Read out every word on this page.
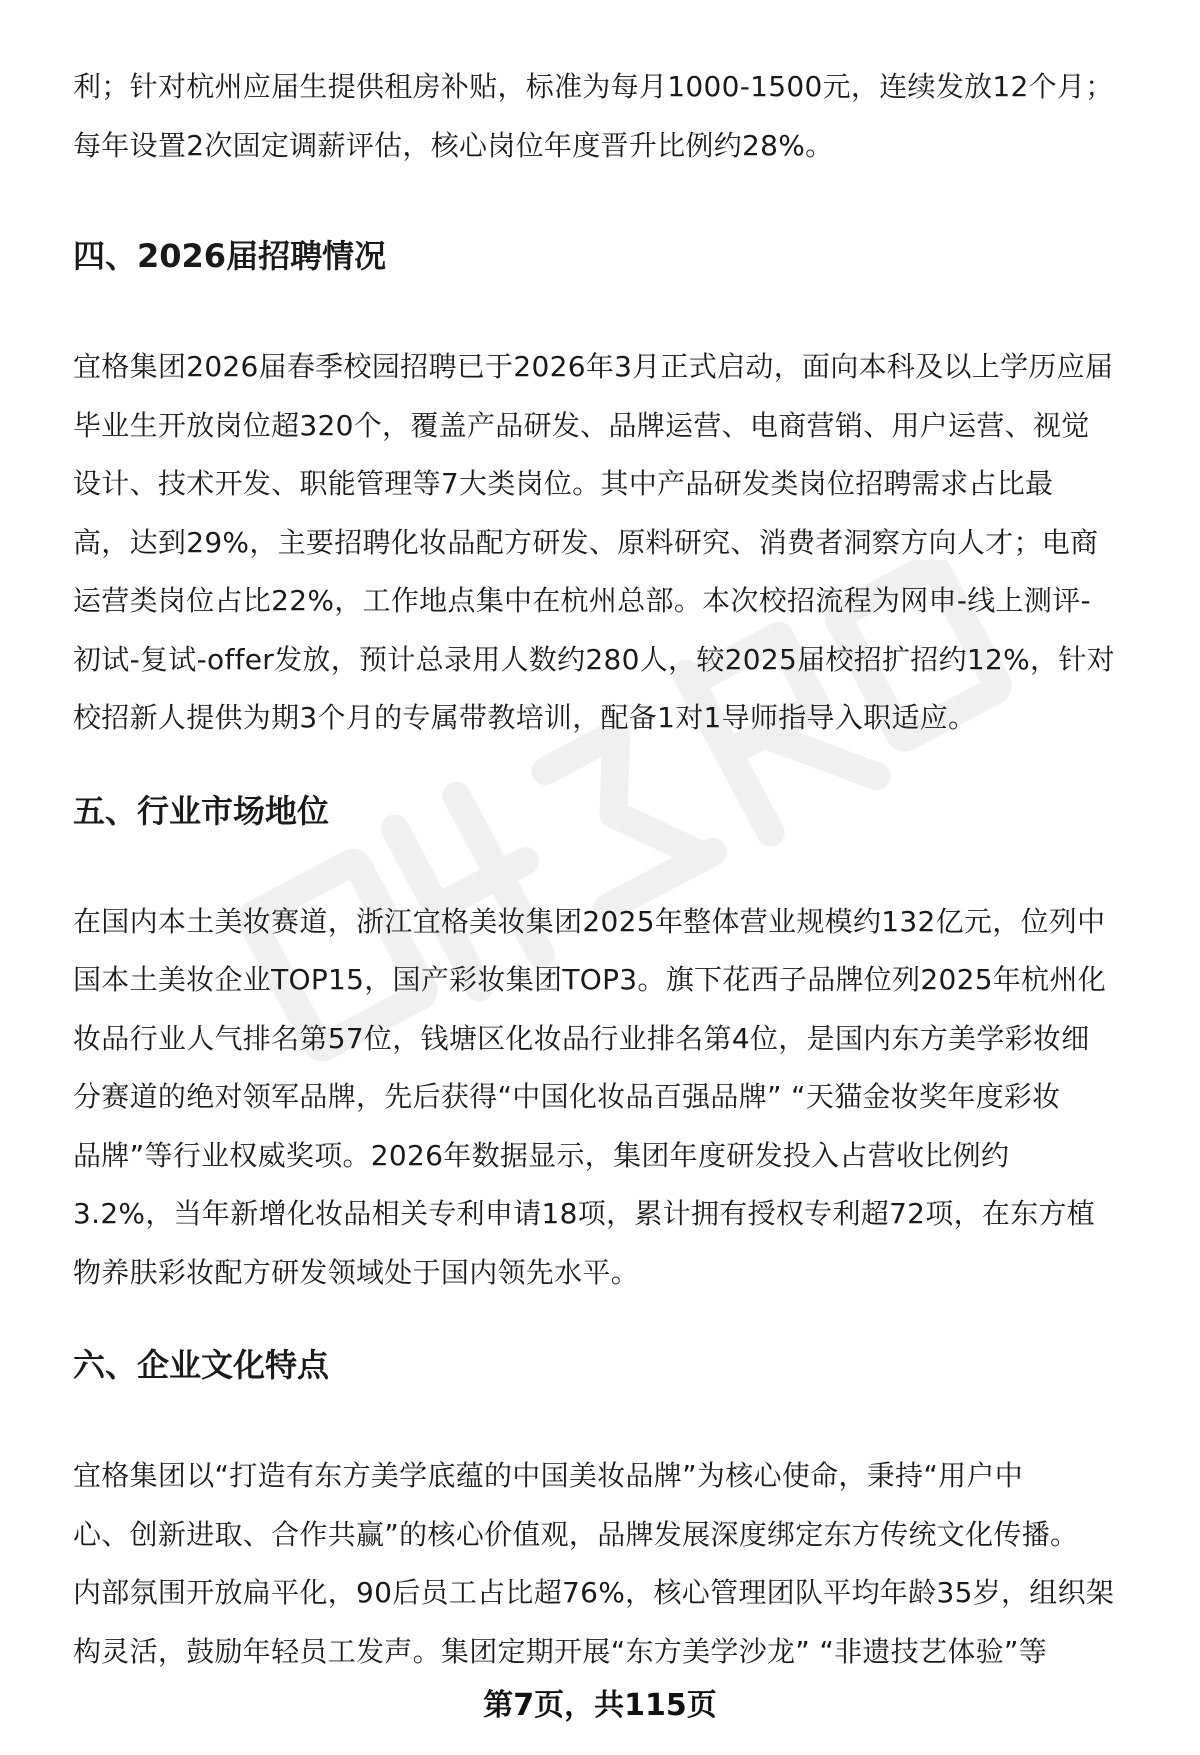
利；针对杭州应届生提供租房补贴，标准为每月1000-1500元，连续发放12个月；
每年设置2次固定调薪评估，核心岗位年度晋升比例约28%。

四、2026届招聘情况

宜格集团2026届春季校园招聘已于2026年3月正式启动，面向本科及以上学历应届
毕业生开放岗位超320个，覆盖产品研发、品牌运营、电商营销、用户运营、视觉
设计、技术开发、职能管理等7大类岗位。其中产品研发类岗位招聘需求占比最
高，达到29%，主要招聘化妆品配方研发、原料研究、消费者洞察方向人才；电商
运营类岗位占比22%，工作地点集中在杭州总部。本次校招流程为网申-线上测评-
初试-复试-offer发放，预计总录用人数约280人，较2025届校招扩招约12%，针对
校招新人提供为期3个月的专属带教培训，配备1对1导师指导入职适应。

五、行业市场地位

在国内本土美妆赛道，浙江宜格美妆集团2025年整体营业规模约132亿元，位列中
国本土美妆企业TOP15，国产彩妆集团TOP3。旗下花西子品牌位列2025年杭州化
妆品行业人气排名第57位，钱塘区化妆品行业排名第4位，是国内东方美学彩妆细
分赛道的绝对领军品牌，先后获得“中国化妆品百强品牌” “天猫金妆奖年度彩妆
品牌”等行业权威奖项。2026年数据显示，集团年度研发投入占营收比例约
3.2%，当年新增化妆品相关专利申请18项，累计拥有授权专利超72项，在东方植
物养肤彩妆配方研发领域处于国内领先水平。

六、企业文化特点

宜格集团以“打造有东方美学底蕴的中国美妆品牌”为核心使命，秉持“用户中
心、创新进取、合作共赢”的核心价值观，品牌发展深度绑定东方传统文化传播。
内部氛围开放扁平化，90后员工占比超76%，核心管理团队平均年龄35岁，组织架
构灵活，鼓励年轻员工发声。集团定期开展“东方美学沙龙” “非遗技艺体验”等

第7页，共115页
